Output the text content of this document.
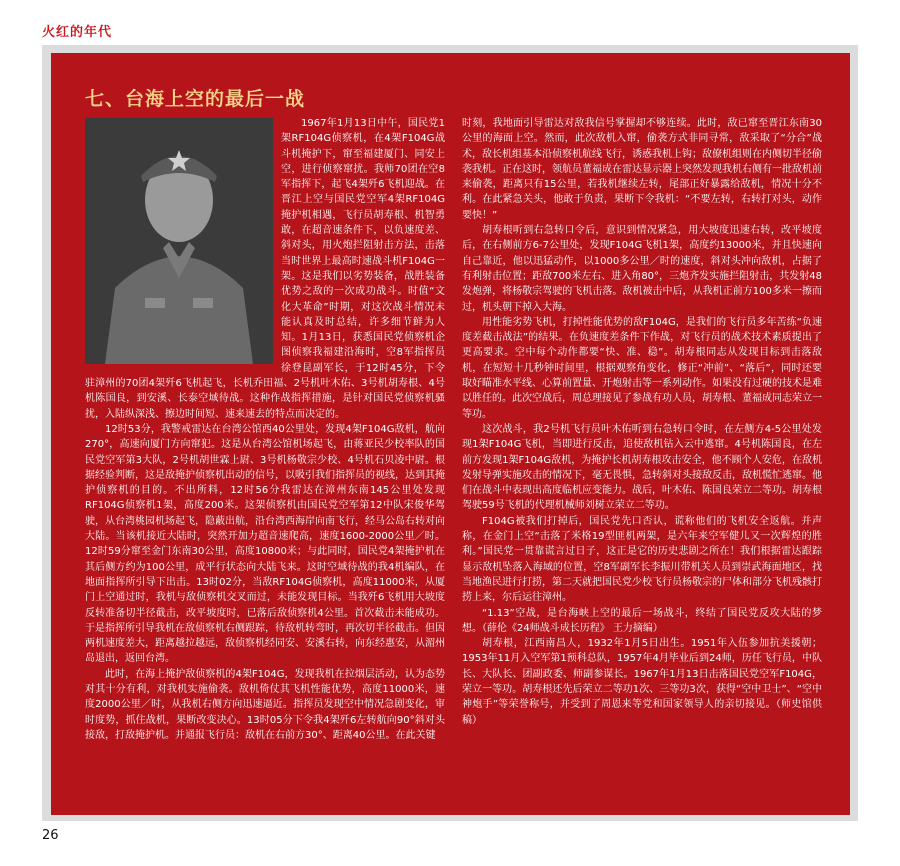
火红的年代
七、台海上空的最后一战

1967年1月13日中午，国民党1架RF104G侦察机，在4架F104G战斗机掩护下，窜至福建厦门、同安上空，进行侦察窜扰。我师70团在空8军指挥下，起飞4架歼6飞机迎战。在晋江上空与国民党空军4架RF104G掩护机相遇，飞行员胡寿根、机智勇敢，在超音速条件下，以负速度差、斜对头，用火炮拦阻射击方法，击落当时世界上最高时速战斗机F104G一架。这是我们以劣势装备，战胜装备优势之敌的一次成功战斗。时值“文化大革命”时期，对这次战斗情况未能认真及时总结，许多细节鲜为人知。1月13日，获悉国民党侦察机企图侦察我福建沿海时，空8军指挥员徐登昆副军长，于12时45分，下令驻漳州的70团4架歼6飞机起飞，长机乔田福、2号机叶木佑、3号机胡寿根、4号机陈国良，到安溪、长泰空域待战。这种作战指挥措施，是针对国民党侦察机骚扰，入陆纵深浅、擦边时间短、速来速去的特点而决定的。

12时53分，我警戒雷达在台湾公馆西40公里处，发现4架F104G敌机，航向270°，高速向厦门方向窜犯。这是从台湾公馆机场起飞，由蒋亚民少校率队的国民党空军第3大队，2号机胡世霖上尉、3号机杨敬宗少校、4号机石贝凌中尉。根据经验判断，这是敌掩护侦察机出动的信号，以吸引我们指挥员的视线，达到其掩护侦察机的目的。不出所料，12时56分我雷达在漳州东南145公里处发现RF104G侦察机1架，高度200米。这架侦察机由国民党空军第12中队宋俊华驾驶，从台湾桃园机场起飞，隐蔽出航，沿台湾西海岸向南飞行，经马公岛右转对向大陆。当该机接近大陆时，突然开加力超音速爬高，速度1600-2000公里／时。12时59分窜至金门东南30公里，高度10800米；与此同时，国民党4架掩护机在其后侧方约为100公里，成平行状态向大陆飞来。这时空域待战的我4机编队，在地面指挥所引导下出击。13时02分，当敌RF104G侦察机，高度11000米，从厦门上空通过时，我机与敌侦察机交叉而过，未能发现目标。当我歼6飞机用大坡度反转准备切半径截击，改平坡度时，已落后敌侦察机4公里。首次截击未能成功。于是指挥所引导我机在敌侦察机右侧跟踪，待敌机转弯时，再次切半径截击。但因两机速度差大，距离越拉越远，敌侦察机经同安、安溪右转，向东经惠安，从湄州岛退出，返回台湾。

此时，在海上掩护敌侦察机的4架F104G，发现我机在拉烟层活动，认为态势对其十分有利，对我机实施偷袭。敌机倚仗其飞机性能优势，高度11000米，速度2000公里／时，从我机右侧方向迅速逼近。指挥员发现空中情况急剧变化，审时度势，抓住战机，果断改变决心。13时05分下令我4架歼6左转航向90°斜对头接敌，打敌掩护机。并通报飞行员：敌机在右前方30°、距离40公里。在此关键

时刻，我地面引导雷达对敌我信号掌握却不够连续。此时，敌已窜至晋江东南30公里的海面上空。然而，此次敌机入窜，偷袭方式非同寻常，敌采取了“分合”战术，敌长机组基本沿侦察机航线飞行，诱惑我机上钩；敌僚机组则在内侧切半径偷袭我机。正在这时，领航员董福成在雷达显示器上突然发现我机右侧有一批敌机前来偷袭，距离只有15公里，若我机继续左转，尾部正好暴露给敌机，情况十分不利。在此紧急关头，他敢于负责，果断下令我机：“不要左转，右转打对头，动作要快！”

胡寿根听到右急转口令后，意识到情况紧急，用大坡度迅速右转，改平坡度后，在右侧前方6-7公里处，发现F104G飞机1架，高度约13000米，并且快速向自己靠近，他以迅猛动作，以1000多公里／时的速度，斜对头冲向敌机，占据了有利射击位置；距敌700米左右、进入角80°，三炮齐发实施拦阻射击，共发射48发炮弹，将杨敬宗驾驶的飞机击落。敌机被击中后，从我机正前方100多米一擦而过，机头朝下掉入大海。

用性能劣势飞机，打掉性能优势的敌F104G，是我们的飞行员多年苦练“负速度差截击战法”的结果。在负速度差条件下作战，对飞行员的战术技术素质提出了更高要求。空中每个动作都要“快、准、稳”。胡寿根同志从发现目标到击落敌机，在短短十几秒钟时间里，根据观察角变化，修正“冲前”、“落后”，同时还要取好瞄准水平线、心算前置量、开炮射击等一系列动作。如果没有过硬的技术是难以胜任的。此次空战后，周总理接见了参战有功人员，胡寿根、董福成同志荣立一等功。

这次战斗，我2号机飞行员叶木佑听到右急转口令时，在左侧方4-5公里处发现1架F104G飞机，当即进行反击，追使敌机钻入云中逃窜。4号机陈国良，在左前方发现1架F104G敌机，为掩护长机胡寿根攻击安全，他不顾个人安危，在敌机发射导弹实施攻击的情况下，毫无畏惧，急转斜对头接敌反击，敌机慌忙逃窜。他们在战斗中表现出高度临机应变能力。战后，叶木佑、陈国良荣立二等功。胡寿根驾驶59号飞机的代理机械师刘树立荣立二等功。

F104G被我们打掉后，国民党先口否认，谎称他们的飞机安全返航。并声称，在金门上空“击落了米格19型匪机两架，是六年来空军健儿又一次辉煌的胜利。”国民党一贯靠谎言过日子，这正是它的历史悲剧之所在！我们根据雷达跟踪显示敌机坠落入海域的位置，空8军副军长李振川带机关人员到崇武海面地区，找当地渔民进行打捞，第二天就把国民党少校飞行员杨敬宗的尸体和部分飞机残骸打捞上来，尔后运往漳州。

“1.13”空战，是台海峡上空的最后一场战斗，终结了国民党反攻大陆的梦想。（薛伦《24师战斗成长历程》 王力摘编）

胡寿根，江西南昌人，1932年1月5日出生。1951年入伍参加抗美援朝；1953年11月入空军第1预科总队，1957年4月毕业后到24师，历任飞行员，中队长、大队长、团副政委、师副参谋长。1967年1月13日击落国民党空军F104G，荣立一等功。胡寿根还先后荣立二等功1次、三等功3次，获得“空中卫士”、“空中神炮手”等荣誉称号，并受到了周恩来等党和国家领导人的亲切接见。（师史馆供稿）

26
